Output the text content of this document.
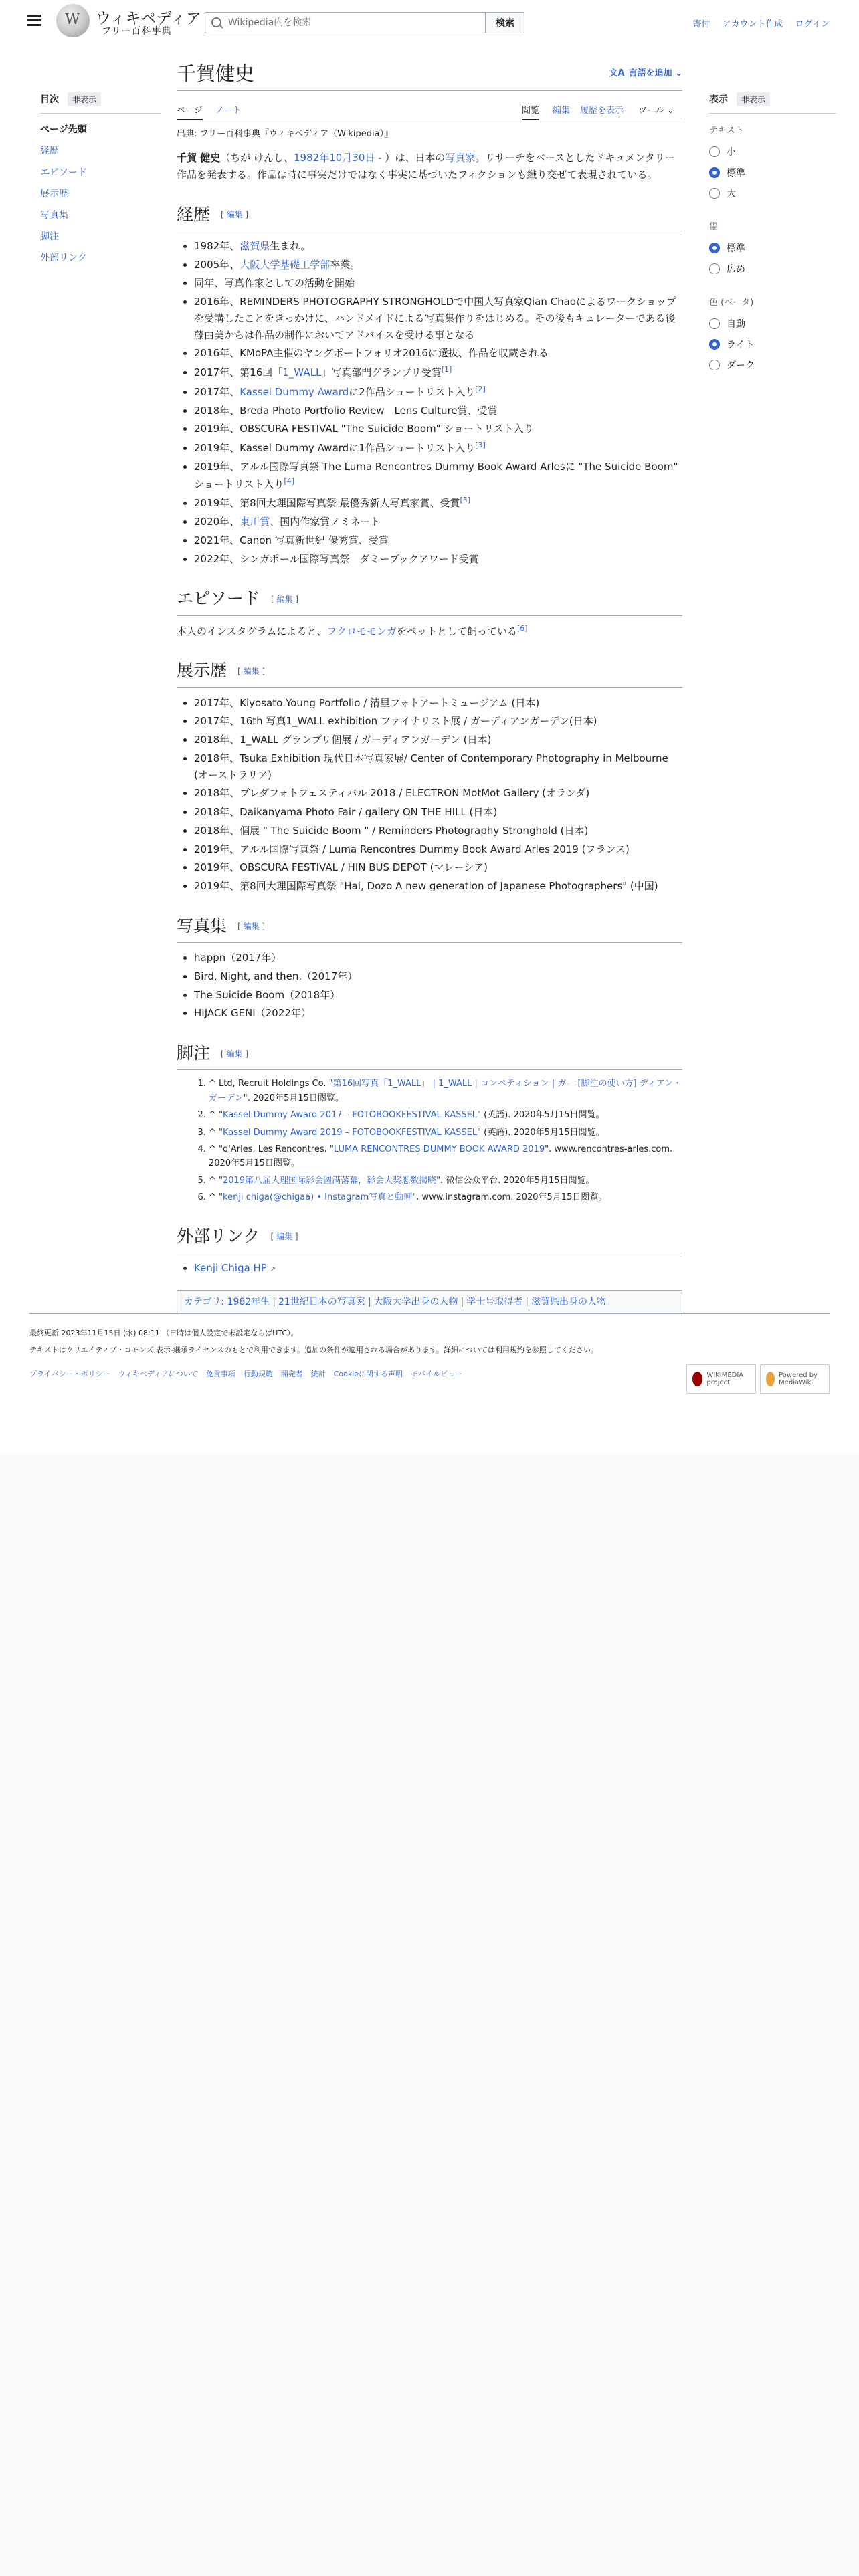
W
ウィキペディア
フリー百科事典
Wikipedia内を検索
検索	寄付 アカウント作成 ログイン
目次 非表示
ページ先頭
経歴
エピソード
展示歴
写真集
脚注
外部リンク
千賀健史	文A 言語を追加 ⌄
ページ ノート	閲覧 編集 履歴を表示 ツール ⌄
出典: フリー百科事典『ウィキペディア（Wikipedia）』

千賀 健史（ちが けんし、1982年10月30日 - ）は、日本の写真家。リサーチをベースとしたドキュメンタリー作品を発表する。作品は時に事実だけではなく事実に基づいたフィクションも織り交ぜて表現されている。

経歴 [ 編集 ]
• 1982年、滋賀県生まれ。
• 2005年、大阪大学基礎工学部卒業。
• 同年、写真作家としての活動を開始
• 2016年、REMINDERS PHOTOGRAPHY STRONGHOLDで中国人写真家Qian Chaoによるワークショップを受講したことをきっかけに、ハンドメイドによる写真集作りをはじめる。その後もキュレーターである後藤由美からは作品の制作においてアドバイスを受ける事となる
• 2016年、KMoPA主催のヤングポートフォリオ2016に選抜、作品を収蔵される
• 2017年、第16回「1_WALL」写真部門グランプリ受賞[1]
• 2017年、Kassel Dummy Awardに2作品ショートリスト入り[2]
• 2018年、Breda Photo Portfolio Review　Lens Culture賞、受賞
• 2019年、OBSCURA FESTIVAL "The Suicide Boom" ショートリスト入り
• 2019年、Kassel Dummy Awardに1作品ショートリスト入り[3]
• 2019年、アルル国際写真祭 The Luma Rencontres Dummy Book Award Arlesに "The Suicide Boom" ショートリスト入り[4]
• 2019年、第8回大理国際写真祭 最優秀新人写真家賞、受賞[5]
• 2020年、東川賞、国内作家賞ノミネート
• 2021年、Canon 写真新世紀 優秀賞、受賞
• 2022年、シンガポール国際写真祭　ダミーブックアワード受賞
エピソード [ 編集 ]

本人のインスタグラムによると、フクロモモンガをペットとして飼っている[6]

展示歴 [ 編集 ]
• 2017年、Kiyosato Young Portfolio / 清里フォトアートミュージアム (日本)
• 2017年、16th 写真1_WALL exhibition ファイナリスト展 / ガーディアンガーデン(日本)
• 2018年、1_WALL グランプリ個展 / ガーディアンガーデン (日本)
• 2018年、Tsuka Exhibition 現代日本写真家展/ Center of Contemporary Photography in Melbourne (オーストラリア)
• 2018年、ブレダフォトフェスティバル 2018 / ELECTRON MotMot Gallery (オランダ)
• 2018年、Daikanyama Photo Fair / gallery ON THE HILL (日本)
• 2018年、個展 " The Suicide Boom " / Reminders Photography Stronghold (日本)
• 2019年、アルル国際写真祭 / Luma Rencontres Dummy Book Award Arles 2019 (フランス)
• 2019年、OBSCURA FESTIVAL / HIN BUS DEPOT (マレーシア)
• 2019年、第8回大理国際写真祭 "Hai, Dozo A new generation of Japanese Photographers" (中国)
写真集 [ 編集 ]
• happn（2017年）
• Bird, Night, and then.（2017年）
• The Suicide Boom（2018年）
• HIJACK GENI（2022年）
脚注 [ 編集 ]
1. ^ Ltd, Recruit Holdings Co. "第16回写真「1_WALL」 | 1_WALL | コンペティション | ガー [脚注の使い方] ディアン・ガーデン". 2020年5月15日閲覧。
2. ^ "Kassel Dummy Award 2017 – FOTOBOOKFESTIVAL KASSEL" (英語). 2020年5月15日閲覧。
3. ^ "Kassel Dummy Award 2019 – FOTOBOOKFESTIVAL KASSEL" (英語). 2020年5月15日閲覧。
4. ^ "d'Arles, Les Rencontres. "LUMA RENCONTRES DUMMY BOOK AWARD 2019". www.rencontres-arles.com. 2020年5月15日閲覧。
5. ^ "2019第八届大理国际影会圆满落幕，影会大奖悉数揭晓". 微信公众平台. 2020年5月15日閲覧。
6. ^ "kenji chiga(@chigaa) • Instagram写真と動画". www.instagram.com. 2020年5月15日閲覧。
外部リンク [ 編集 ]
• Kenji Chiga HP ↗
カテゴリ: 1982年生 | 21世紀日本の写真家 | 大阪大学出身の人物 | 学士号取得者 | 滋賀県出身の人物
表示 非表示
テキスト
小
標準
大
幅
標準
広め
色 (ベータ)
自動
ライト
ダーク
最終更新 2023年11月15日 (水) 08:11 （日時は個人設定で未設定ならばUTC）。
テキストはクリエイティブ・コモンズ 表示-継承ライセンスのもとで利用できます。追加の条件が適用される場合があります。詳細については利用規約を参照してください。
プライバシー・ポリシー ウィキペディアについて 免責事項 行動規範 開発者 統計 Cookieに関する声明 モバイルビュー	WIKIMEDIA project
Powered by MediaWiki
